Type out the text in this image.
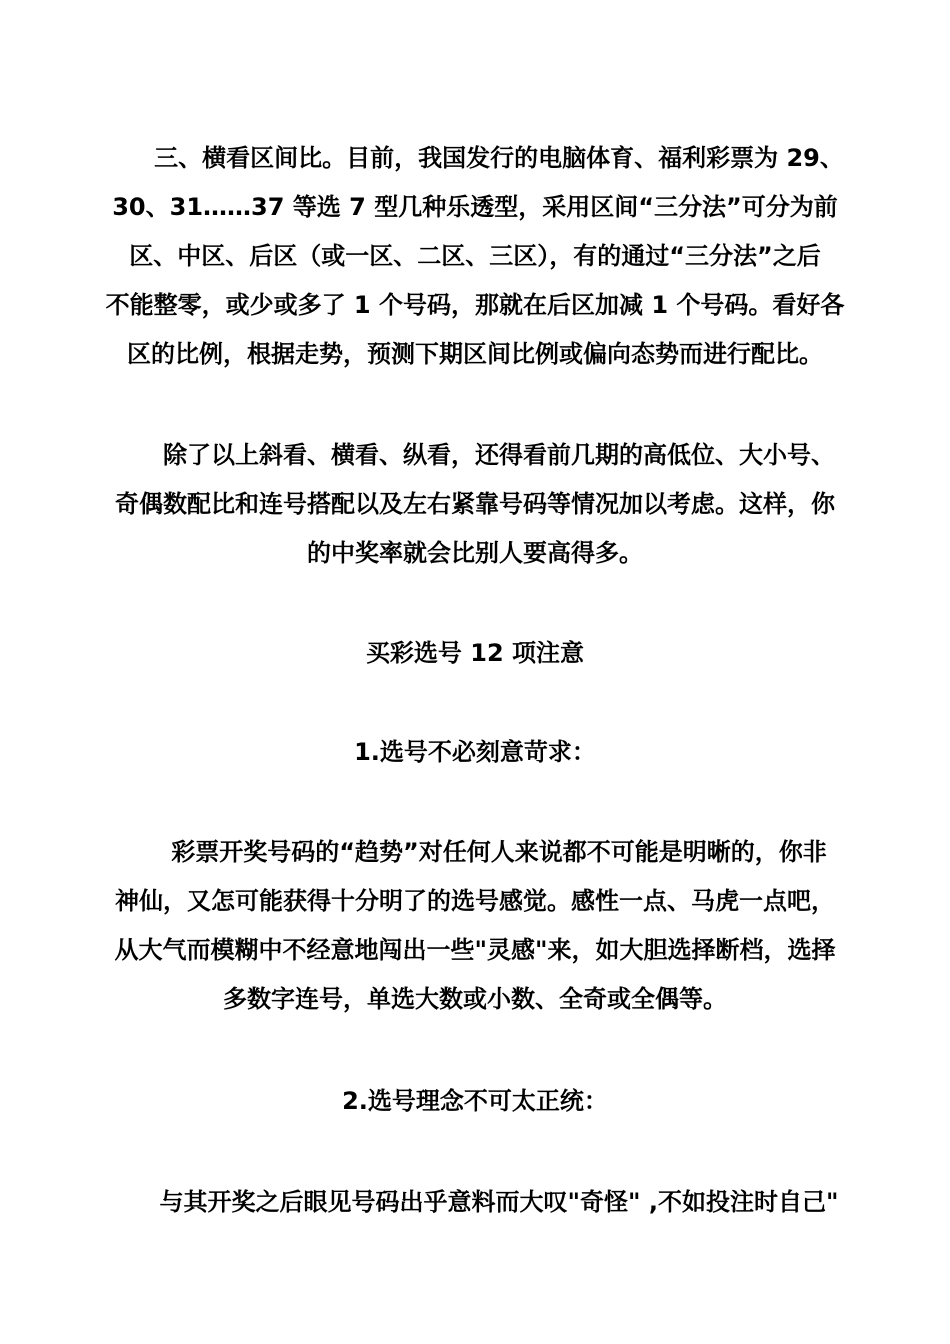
三、横看区间比。目前，我国发行的电脑体育、福利彩票为 29、
30、31……37 等选 7 型几种乐透型，采用区间“三分法”可分为前
区、中区、后区（或一区、二区、三区），有的通过“三分法”之后
不能整零，或少或多了 1 个号码，那就在后区加减 1 个号码。看好各
区的比例，根据走势，预测下期区间比例或偏向态势而进行配比。
除了以上斜看、横看、纵看，还得看前几期的高低位、大小号、
奇偶数配比和连号搭配以及左右紧靠号码等情况加以考虑。这样，你
的中奖率就会比别人要高得多。
买彩选号 12 项注意
1.选号不必刻意苛求：
彩票开奖号码的“趋势”对任何人来说都不可能是明晰的，你非
神仙，又怎可能获得十分明了的选号感觉。感性一点、马虎一点吧，
从大气而模糊中不经意地闯出一些"灵感"来，如大胆选择断档，选择
多数字连号，单选大数或小数、全奇或全偶等。
2.选号理念不可太正统：
与其开奖之后眼见号码出乎意料而大叹"奇怪" ,不如投注时自己"
